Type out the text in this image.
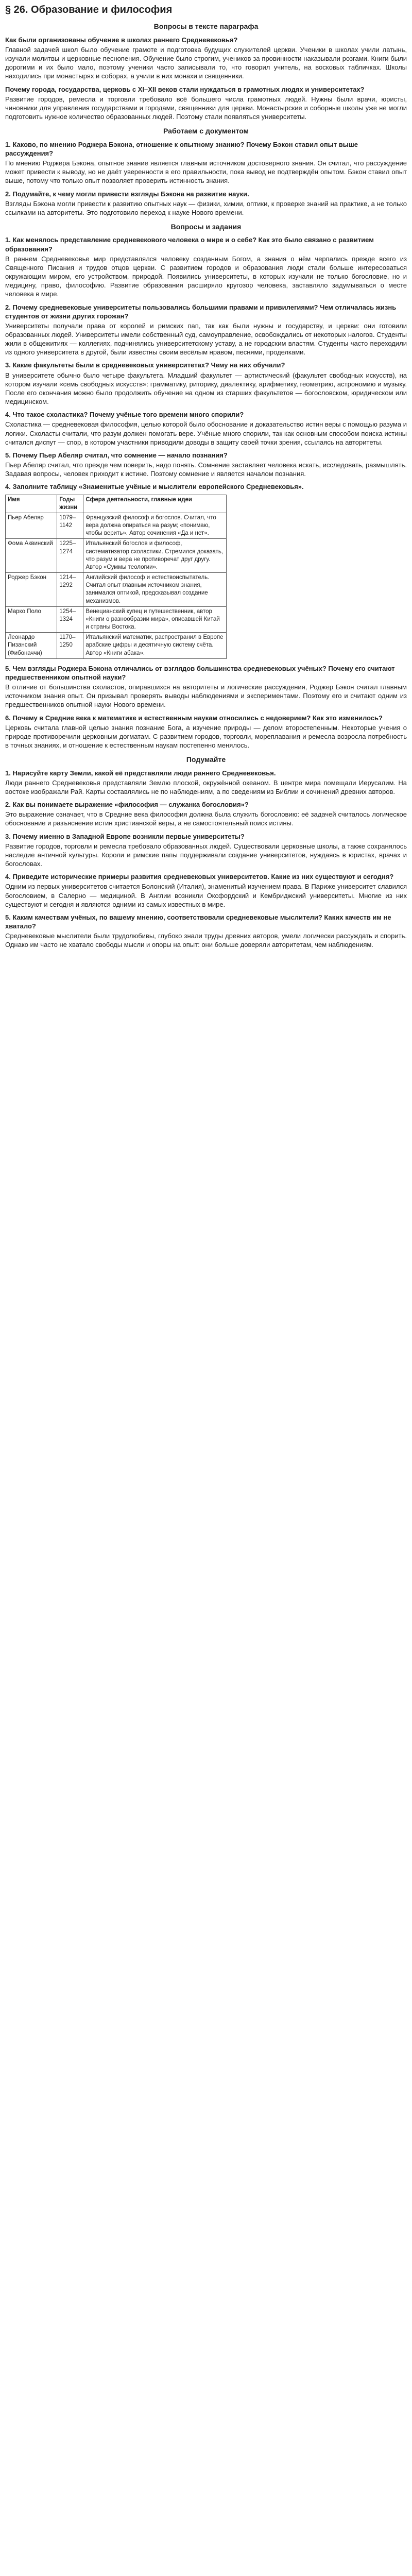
§ 26. Образование и философия
Вопросы в тексте параграфа
Как были организованы обучение в школах раннего Средневековья?

Главной задачей школ было обучение грамоте и подготовка будущих служителей церкви. Ученики в школах учили латынь, изучали молитвы и церковные песнопения. Обучение было строгим, учеников за провинности наказывали розгами. Книги были дорогими и их было мало, поэтому ученики часто записывали то, что говорил учитель, на восковых табличках. Школы находились при монастырях и соборах, а учили в них монахи и священники.

Почему города, государства, церковь с XI–XII веков стали нуждаться в грамотных людях и университетах?

Развитие городов, ремесла и торговли требовало всё большего числа грамотных людей. Нужны были врачи, юристы, чиновники для управления государствами и городами, священники для церкви. Монастырские и соборные школы уже не могли подготовить нужное количество образованных людей. Поэтому стали появляться университеты.

Работаем с документом
1. Каково, по мнению Роджера Бэкона, отношение к опытному знанию? Почему Бэкон ставил опыт выше рассуждения?

По мнению Роджера Бэкона, опытное знание является главным источником достоверного знания. Он считал, что рассуждение может привести к выводу, но не даёт уверенности в его правильности, пока вывод не подтверждён опытом. Бэкон ставил опыт выше, потому что только опыт позволяет проверить истинность знания.

2. Подумайте, к чему могли привести взгляды Бэкона на развитие науки.

Взгляды Бэкона могли привести к развитию опытных наук — физики, химии, оптики, к проверке знаний на практике, а не только ссылками на авторитеты. Это подготовило переход к науке Нового времени.

Вопросы и задания
1. Как менялось представление средневекового человека о мире и о себе? Как это было связано с развитием образования?

В раннем Средневековье мир представлялся человеку созданным Богом, а знания о нём черпались прежде всего из Священного Писания и трудов отцов церкви. С развитием городов и образования люди стали больше интересоваться окружающим миром, его устройством, природой. Появились университеты, в которых изучали не только богословие, но и медицину, право, философию. Развитие образования расширяло кругозор человека, заставляло задумываться о месте человека в мире.

2. Почему средневековые университеты пользовались большими правами и привилегиями? Чем отличалась жизнь студентов от жизни других горожан?

Университеты получали права от королей и римских пап, так как были нужны и государству, и церкви: они готовили образованных людей. Университеты имели собственный суд, самоуправление, освобождались от некоторых налогов. Студенты жили в общежитиях — коллегиях, подчинялись университетскому уставу, а не городским властям. Студенты часто переходили из одного университета в другой, были известны своим весёлым нравом, песнями, проделками.

3. Какие факультеты были в средневековых университетах? Чему на них обучали?

В университете обычно было четыре факультета. Младший факультет — артистический (факультет свободных искусств), на котором изучали «семь свободных искусств»: грамматику, риторику, диалектику, арифметику, геометрию, астрономию и музыку. После его окончания можно было продолжить обучение на одном из старших факультетов — богословском, юридическом или медицинском.

4. Что такое схоластика? Почему учёные того времени много спорили?

Схоластика — средневековая философия, целью которой было обоснование и доказательство истин веры с помощью разума и логики. Схоласты считали, что разум должен помогать вере. Учёные много спорили, так как основным способом поиска истины считался диспут — спор, в котором участники приводили доводы в защиту своей точки зрения, ссылаясь на авторитеты.

5. Почему Пьер Абеляр считал, что сомнение — начало познания?

Пьер Абеляр считал, что прежде чем поверить, надо понять. Сомнение заставляет человека искать, исследовать, размышлять. Задавая вопросы, человек приходит к истине. Поэтому сомнение и является началом познания.

4. Заполните таблицу «Знаменитые учёные и мыслители европейского Средневековья».
Имя	Годы жизни	Сфера деятельности, главные идеи
Пьер Абеляр	1079–1142	Французский философ и богослов. Считал, что вера должна опираться на разум; «понимаю, чтобы верить». Автор сочинения «Да и нет».
Фома Аквинский	1225–1274	Итальянский богослов и философ, систематизатор схоластики. Стремился доказать, что разум и вера не противоречат друг другу. Автор «Суммы теологии».
Роджер Бэкон	1214–1292	Английский философ и естествоиспытатель. Считал опыт главным источником знания, занимался оптикой, предсказывал создание механизмов.
Марко Поло	1254–1324	Венецианский купец и путешественник, автор «Книги о разнообразии мира», описавшей Китай и страны Востока.
Леонардо Пизанский (Фибоначчи)	1170–1250	Итальянский математик, распространил в Европе арабские цифры и десятичную систему счёта. Автор «Книги абака».
5. Чем взгляды Роджера Бэкона отличались от взглядов большинства средневековых учёных? Почему его считают предшественником опытной науки?

В отличие от большинства схоластов, опиравшихся на авторитеты и логические рассуждения, Роджер Бэкон считал главным источником знания опыт. Он призывал проверять выводы наблюдениями и экспериментами. Поэтому его и считают одним из предшественников опытной науки Нового времени.

6. Почему в Средние века к математике и естественным наукам относились с недоверием? Как это изменилось?

Церковь считала главной целью знания познание Бога, а изучение природы — делом второстепенным. Некоторые учения о природе противоречили церковным догматам. С развитием городов, торговли, мореплавания и ремесла возросла потребность в точных знаниях, и отношение к естественным наукам постепенно менялось.

Подумайте
1. Нарисуйте карту Земли, какой её представляли люди раннего Средневековья.

Люди раннего Средневековья представляли Землю плоской, окружённой океаном. В центре мира помещали Иерусалим. На востоке изображали Рай. Карты составлялись не по наблюдениям, а по сведениям из Библии и сочинений древних авторов.

2. Как вы понимаете выражение «философия — служанка богословия»?

Это выражение означает, что в Средние века философия должна была служить богословию: её задачей считалось логическое обоснование и разъяснение истин христианской веры, а не самостоятельный поиск истины.

3. Почему именно в Западной Европе возникли первые университеты?

Развитие городов, торговли и ремесла требовало образованных людей. Существовали церковные школы, а также сохранялось наследие античной культуры. Короли и римские папы поддерживали создание университетов, нуждаясь в юристах, врачах и богословах.

4. Приведите исторические примеры развития средневековых университетов. Какие из них существуют и сегодня?

Одним из первых университетов считается Болонский (Италия), знаменитый изучением права. В Париже университет славился богословием, в Салерно — медициной. В Англии возникли Оксфордский и Кембриджский университеты. Многие из них существуют и сегодня и являются одними из самых известных в мире.

5. Каким качествам учёных, по вашему мнению, соответствовали средневековые мыслители? Каких качеств им не хватало?

Средневековые мыслители были трудолюбивы, глубоко знали труды древних авторов, умели логически рассуждать и спорить. Однако им часто не хватало свободы мысли и опоры на опыт: они больше доверяли авторитетам, чем наблюдениям.
